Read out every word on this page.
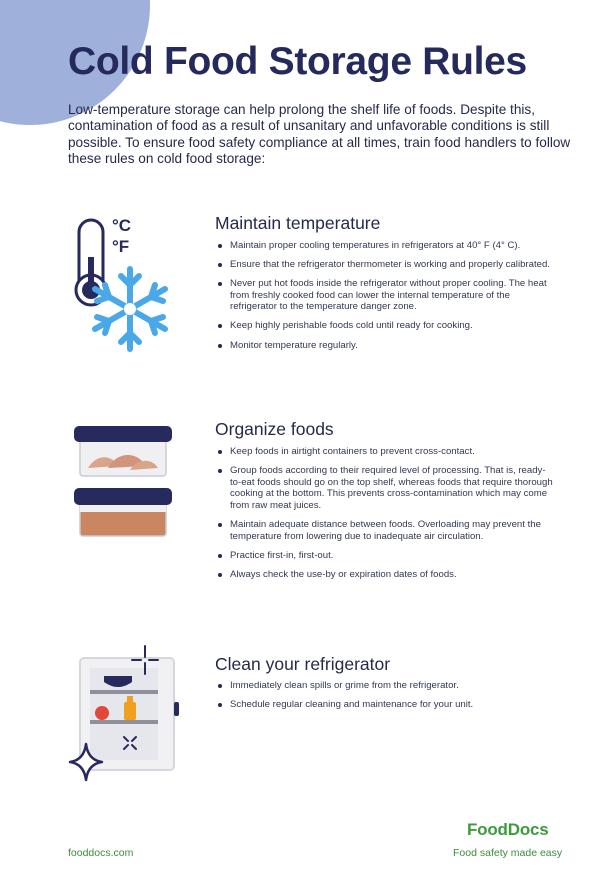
Cold Food Storage Rules

Low-temperature storage can help prolong the shelf life of foods. Despite this, contamination of food as a result of unsanitary and unfavorable conditions is still possible. To ensure food safety compliance at all times, train food handlers to follow these rules on cold food storage:

°C
°F
Maintain temperature
Maintain proper cooling temperatures in refrigerators at 40° F (4° C).
Ensure that the refrigerator thermometer is working and properly calibrated.
Never put hot foods inside the refrigerator without proper cooling. The heat from freshly cooked food can lower the internal temperature of the refrigerator to the temperature danger zone.
Keep highly perishable foods cold until ready for cooking.
Monitor temperature regularly.
Organize foods
Keep foods in airtight containers to prevent cross-contact.
Group foods according to their required level of processing. That is, ready-to-eat foods should go on the top shelf, whereas foods that require thorough cooking at the bottom. This prevents cross-contamination which may come from raw meat juices.
Maintain adequate distance between foods. Overloading may prevent the temperature from lowering due to inadequate air circulation.
Practice first-in, first-out.
Always check the use-by or expiration dates of foods.
Clean your refrigerator
Immediately clean spills or grime from the refrigerator.
Schedule regular cleaning and maintenance for your unit.
fooddocs.com
FoodDocs
Food safety made easy
